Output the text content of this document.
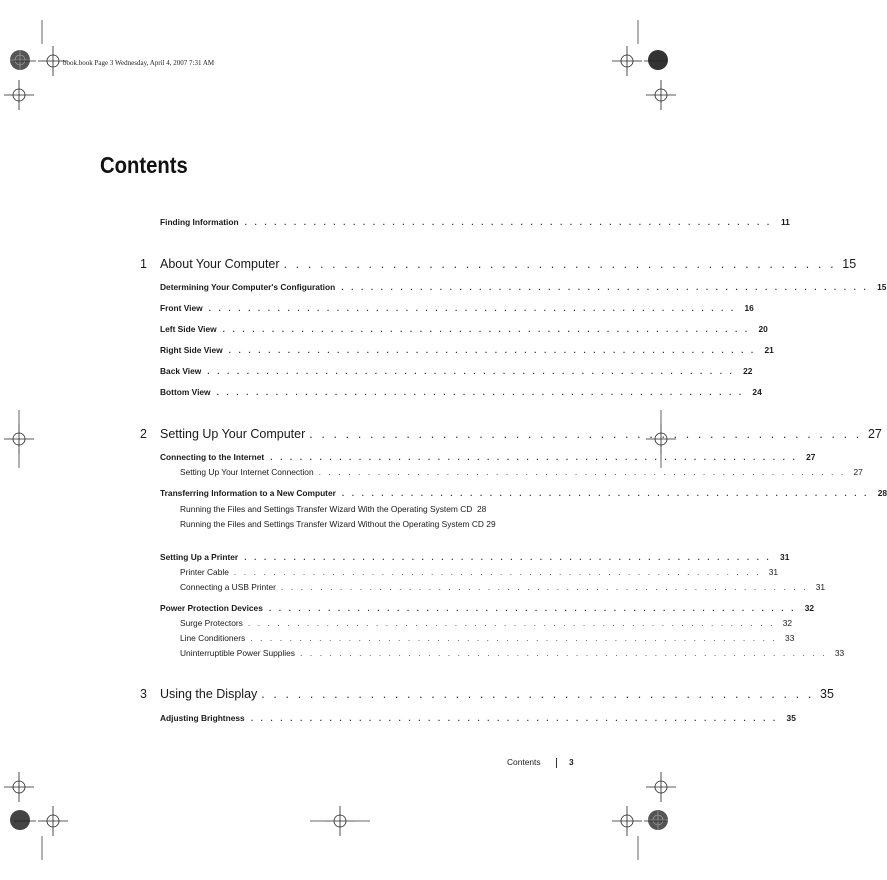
book.book Page 3 Wednesday, April 4, 2007 7:31 AM
Contents
Finding Information . . . . . . . . . . . . . . . . . . . . . . . . . . . . . . . . . . . . . . . . . . . . . . . . . . . . . .	11
1 About Your Computer . . . . . . . . . . . . . . . . . . . . . . . . . . . . . . . . . . . . . . . . . . . . . . 15
Determining Your Computer's Configuration . . . . . . . . . . . . . . . . . . . . . . . . . . . . . . . . . . . . . . . . . . . . . . . . . . . . . .	15
Front View . . . . . . . . . . . . . . . . . . . . . . . . . . . . . . . . . . . . . . . . . . . . . . . . . . . . . .	16
Left Side View . . . . . . . . . . . . . . . . . . . . . . . . . . . . . . . . . . . . . . . . . . . . . . . . . . . . . .	20
Right Side View . . . . . . . . . . . . . . . . . . . . . . . . . . . . . . . . . . . . . . . . . . . . . . . . . . . . . .	21
Back View . . . . . . . . . . . . . . . . . . . . . . . . . . . . . . . . . . . . . . . . . . . . . . . . . . . . . .	22
Bottom View . . . . . . . . . . . . . . . . . . . . . . . . . . . . . . . . . . . . . . . . . . . . . . . . . . . . . .	24
2 Setting Up Your Computer . . . . . . . . . . . . . . . . . . . . . . . . . . . . . . . . . . . . . . . . . . . . . . 27
Connecting to the Internet . . . . . . . . . . . . . . . . . . . . . . . . . . . . . . . . . . . . . . . . . . . . . . . . . . . . . .	27
Setting Up Your Internet Connection . . . . . . . . . . . . . . . . . . . . . . . . . . . . . . . . . . . . . . . . . . . . . . . . . . . . . . 27
Transferring Information to a New Computer . . . . . . . . . . . . . . . . . . . . . . . . . . . . . . . . . . . . . . . . . . . . . . . . . . . . . .	28
Running the Files and Settings Transfer Wizard With the Operating System CD 28
Running the Files and Settings Transfer Wizard Without the Operating System CD 29
Setting Up a Printer . . . . . . . . . . . . . . . . . . . . . . . . . . . . . . . . . . . . . . . . . . . . . . . . . . . . . .	31
Printer Cable . . . . . . . . . . . . . . . . . . . . . . . . . . . . . . . . . . . . . . . . . . . . . . . . . . . . . . 31
Connecting a USB Printer . . . . . . . . . . . . . . . . . . . . . . . . . . . . . . . . . . . . . . . . . . . . . . . . . . . . . . 31
Power Protection Devices . . . . . . . . . . . . . . . . . . . . . . . . . . . . . . . . . . . . . . . . . . . . . . . . . . . . . .	32
Surge Protectors . . . . . . . . . . . . . . . . . . . . . . . . . . . . . . . . . . . . . . . . . . . . . . . . . . . . . . 32
Line Conditioners . . . . . . . . . . . . . . . . . . . . . . . . . . . . . . . . . . . . . . . . . . . . . . . . . . . . . . 33
Uninterruptible Power Supplies . . . . . . . . . . . . . . . . . . . . . . . . . . . . . . . . . . . . . . . . . . . . . . . . . . . . . . 33
3 Using the Display . . . . . . . . . . . . . . . . . . . . . . . . . . . . . . . . . . . . . . . . . . . . . . 35
Adjusting Brightness . . . . . . . . . . . . . . . . . . . . . . . . . . . . . . . . . . . . . . . . . . . . . . . . . . . . . .	35
Contents	3
